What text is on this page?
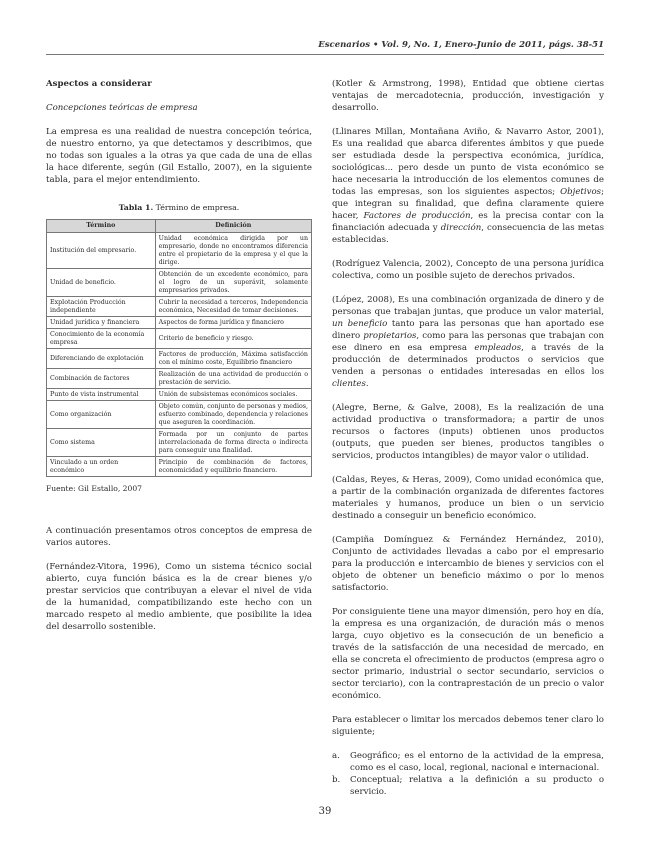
Escenarios • Vol. 9, No. 1, Enero-Junio de 2011, págs. 38-51

Aspectos a considerar

Concepciones teóricas de empresa

La empresa es una realidad de nuestra concepción teórica, de nuestro entorno, ya que detectamos y describimos, que no todas son iguales a la otras ya que cada de una de ellas la hace diferente, según (Gil Estallo, 2007), en la siguiente tabla, para el mejor entendimiento.

Tabla 1. Término de empresa.

Término	Definición
Institución del empresario.	Unidad económica dirigida por un empresario, donde no encontramos diferencia entre el propietario de la empresa y el que la dirige.
Unidad de beneficio.	Obtención de un excedente económico, para el logro de un superávit, solamente empresarios privados.
Explotación Producción independiente	Cubrir la necesidad a terceros, Independencia económica, Necesidad de tomar decisiones.
Unidad jurídica y financiera	Aspectos de forma jurídica y financiero
Conocimiento de la economía empresa	Criterio de beneficio y riesgo.
Diferenciando de explotación	Factores de producción, Máxima satisfacción con el mínimo coste, Equilibrio financiero
Combinación de factores	Realización de una actividad de producción o prestación de servicio.
Punto de vista instrumental	Unión de subsistemas económicos sociales.
Como organización	Objeto común, conjunto de personas y medios, esfuerzo combinado, dependencia y relaciones que aseguren la coordinación.
Como sistema	Formada por un conjunto de partes interrelacionada de forma directa o indirecta para conseguir una finalidad.
Vinculado a un orden económico	Principio de combinación de factores, economicidad y equilibrio financiero.

Fuente: Gil Estallo, 2007

A continuación presentamos otros conceptos de empresa de varios autores.

(Fernández-Vitora, 1996), Como un sistema técnico social abierto, cuya función básica es la de crear bienes y/o prestar servicios que contribuyan a elevar el nivel de vida de la humanidad, compatibilizando este hecho con un marcado respeto al medio ambiente, que posibilite la idea del desarrollo sostenible.

(Kotler & Armstrong, 1998), Entidad que obtiene ciertas ventajas de mercadotecnia, producción, investigación y desarrollo.

(Llinares Millan, Montañana Aviño, & Navarro Astor, 2001), Es una realidad que abarca diferentes ámbitos y que puede ser estudiada desde la perspectiva económica, jurídica, sociológicas... pero desde un punto de vista económico se hace necesaria la introducción de los elementos comunes de todas las empresas, son los siguientes aspectos; Objetivos; que integran su finalidad, que defina claramente quiere hacer, Factores de producción, es la precisa contar con la financiación adecuada y dirección, consecuencia de las metas establecidas.

(Rodríguez Valencia, 2002), Concepto de una persona jurídica colectiva, como un posible sujeto de derechos privados.

(López, 2008), Es una combinación organizada de dinero y de personas que trabajan juntas, que produce un valor material, un beneficio tanto para las personas que han aportado ese dinero propietarios, como para las personas que trabajan con ese dinero en esa empresa empleados, a través de la producción de determinados productos o servicios que venden a personas o entidades interesadas en ellos los clientes.

(Alegre, Berne, & Galve, 2008), Es la realización de una actividad productiva o transformadora; a partir de unos recursos o factores (inputs) obtienen unos productos (outputs, que pueden ser bienes, productos tangibles o servicios, productos intangibles) de mayor valor o utilidad.

(Caldas, Reyes, & Heras, 2009), Como unidad económica que, a partir de la combinación organizada de diferentes factores materiales y humanos, produce un bien o un servicio destinado a conseguir un beneficio económico.

(Campiña Domínguez & Fernández Hernández, 2010), Conjunto de actividades llevadas a cabo por el empresario para la producción e intercambio de bienes y servicios con el objeto de obtener un beneficio máximo o por lo menos satisfactorio.

Por consiguiente tiene una mayor dimensión, pero hoy en día, la empresa es una organización, de duración más o menos larga, cuyo objetivo es la consecución de un beneficio a través de la satisfacción de una necesidad de mercado, en ella se concreta el ofrecimiento de productos (empresa agro o sector primario, industrial o sector secundario, servicios o sector terciario), con la contraprestación de un precio o valor económico.

Para establecer o limitar los mercados debemos tener claro lo siguiente;

a. Geográfico; es el entorno de la actividad de la empresa, como es el caso, local, regional, nacional e internacional.
b. Conceptual; relativa a la definición a su producto o servicio.
39
